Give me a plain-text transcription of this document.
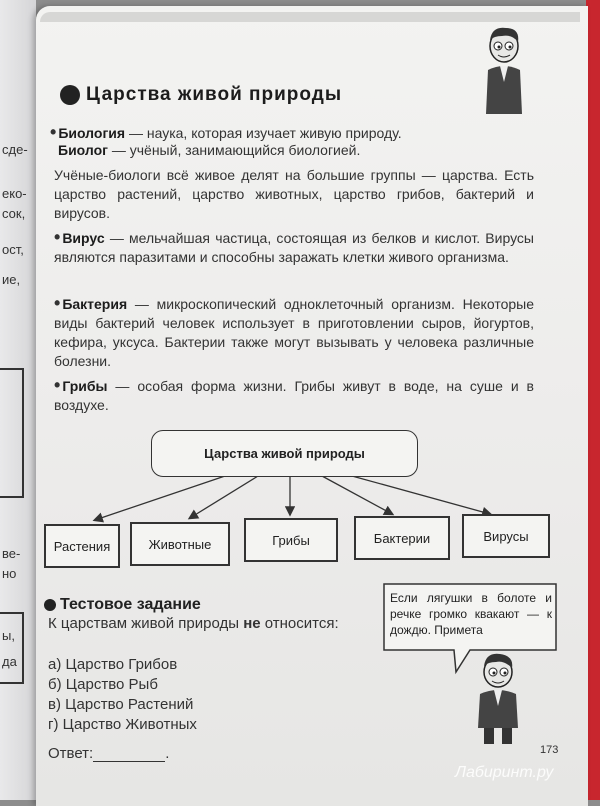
сде-
еко-
сок,
ост,
ие,
ве-
но
ы,
да
Царства живой природы
• Биология — наука, которая изучает живую природу.
Биолог — учёный, занимающийся биологией.
Учёные-биологи всё живое делят на большие группы — царства. Есть царство растений, царство животных, царство грибов, бактерий и вирусов.
• Вирус — мельчайшая частица, состоящая из белков и кислот. Вирусы являются паразитами и способны заражать клетки живого организма.
• Бактерия — микроскопический одноклеточный организм. Некоторые виды бактерий человек использует в приготовлении сыров, йогуртов, кефира, уксуса. Бактерии также могут вызывать у человека различные болезни.
• Грибы — особая форма жизни. Грибы живут в воде, на суше и в воздухе.
Царства живой природы
Растения	Животные	Грибы	Бактерии	Вирусы
Тестовое задание
К царствам живой природы не относится:
а) Царство Грибов
б) Царство Рыб
в) Царство Растений
г) Царство Животных
Ответ:	.
Если лягушки в болоте и речке громко квакают — к дождю. Примета
173
Лабиринт.ру
